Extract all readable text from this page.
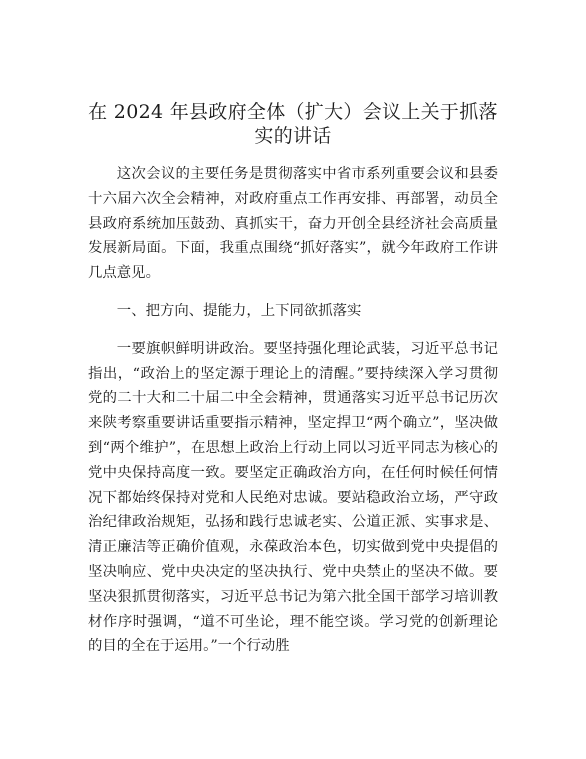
在 2024 年县政府全体（扩大）会议上关于抓落实的讲话

这次会议的主要任务是贯彻落实中省市系列重要会议和县委十六届六次全会精神，对政府重点工作再安排、再部署，动员全县政府系统加压鼓劲、真抓实干，奋力开创全县经济社会高质量发展新局面。下面，我重点围绕“抓好落实”，就今年政府工作讲几点意见。

一、把方向、提能力，上下同欲抓落实

一要旗帜鲜明讲政治。要坚持强化理论武装，习近平总书记指出，“政治上的坚定源于理论上的清醒。”要持续深入学习贯彻党的二十大和二十届二中全会精神，贯通落实习近平总书记历次来陕考察重要讲话重要指示精神，坚定捍卫“两个确立”，坚决做到“两个维护”，在思想上政治上行动上同以习近平同志为核心的党中央保持高度一致。要坚定正确政治方向，在任何时候任何情况下都始终保持对党和人民绝对忠诚。要站稳政治立场，严守政治纪律政治规矩，弘扬和践行忠诚老实、公道正派、实事求是、清正廉洁等正确价值观，永葆政治本色，切实做到党中央提倡的坚决响应、党中央决定的坚决执行、党中央禁止的坚决不做。要坚决狠抓贯彻落实，习近平总书记为第六批全国干部学习培训教材作序时强调，“道不可坐论，理不能空谈。学习党的创新理论的目的全在于运用。”一个行动胜
